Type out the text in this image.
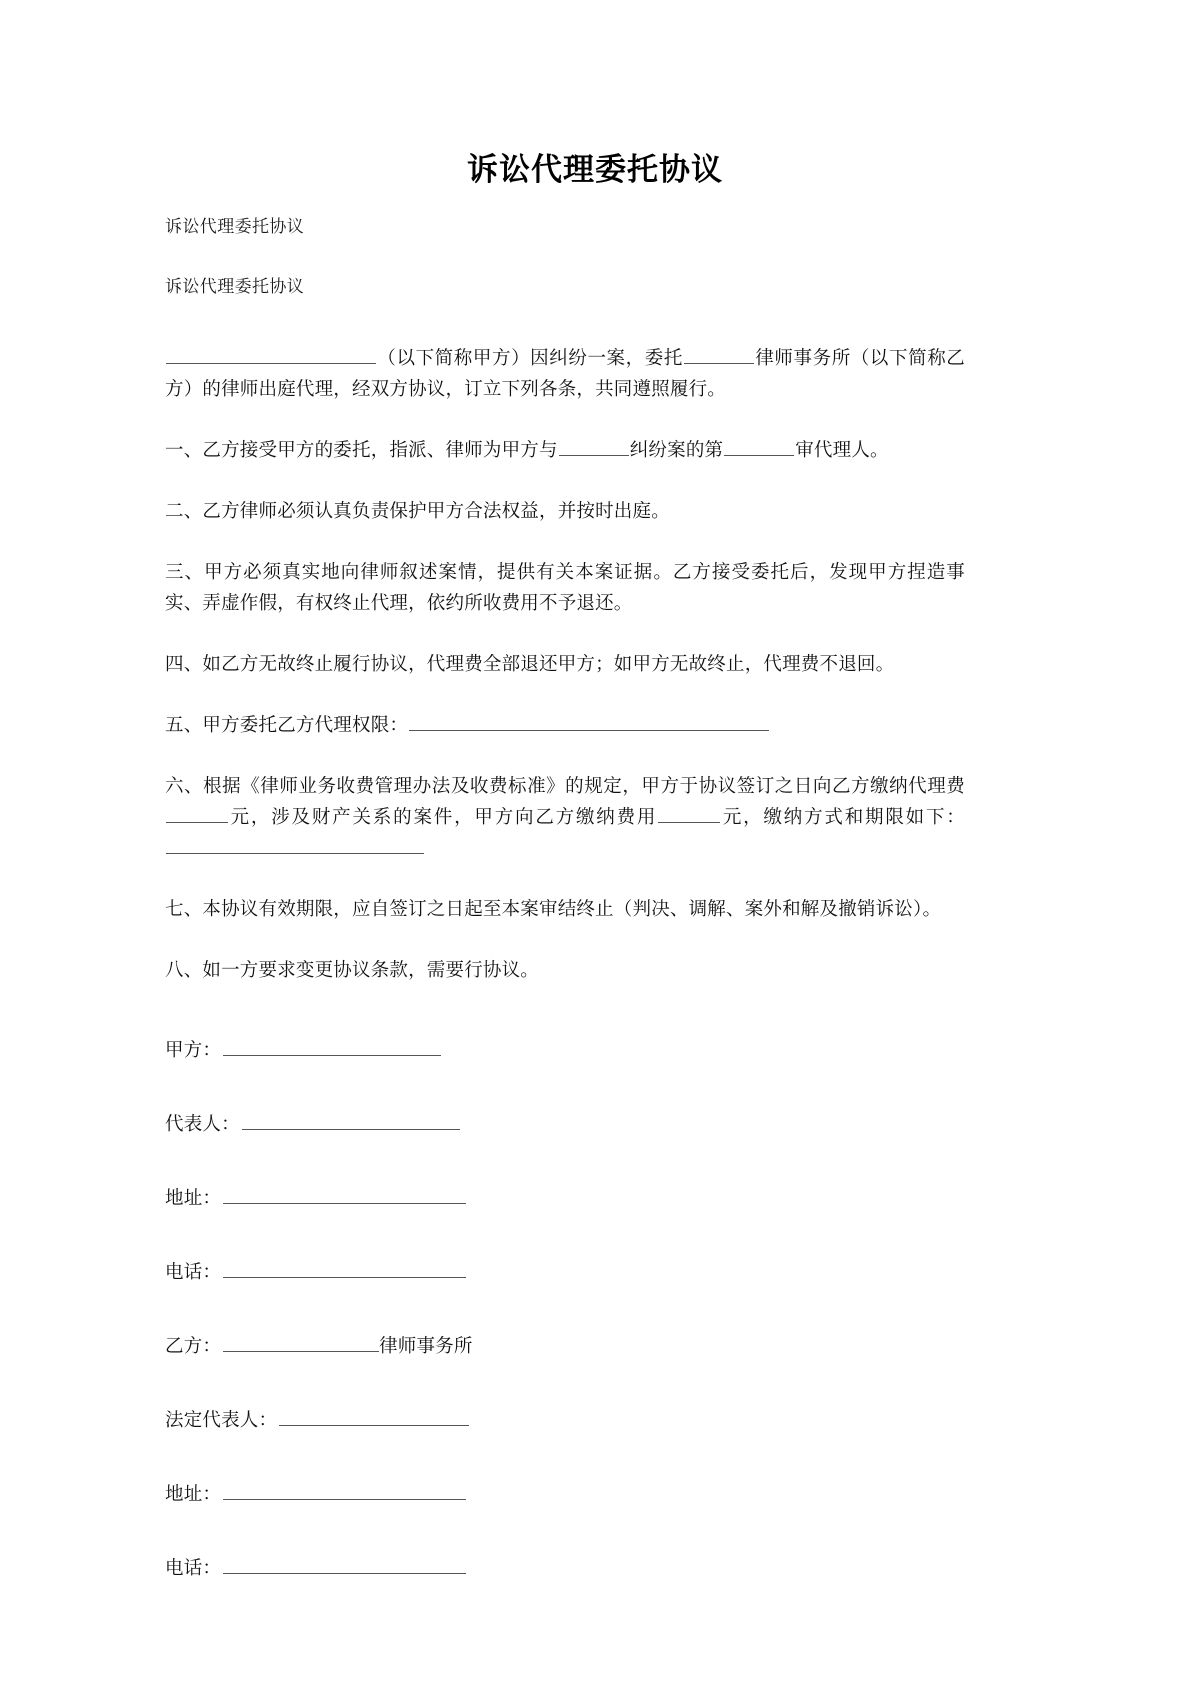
诉讼代理委托协议
诉讼代理委托协议
诉讼代理委托协议

（以下简称甲方）因纠纷一案，委托	律师事务所（以下简称乙方）的律师出庭代理，经双方协议，订立下列各条，共同遵照履行。

一、乙方接受甲方的委托，指派、律师为甲方与	纠纷案的第	审代理人。

二、乙方律师必须认真负责保护甲方合法权益，并按时出庭。

三、甲方必须真实地向律师叙述案情，提供有关本案证据。乙方接受委托后，发现甲方捏造事实、弄虚作假，有权终止代理，依约所收费用不予退还。

四、如乙方无故终止履行协议，代理费全部退还甲方；如甲方无故终止，代理费不退回。

五、甲方委托乙方代理权限：

六、根据《律师业务收费管理办法及收费标准》的规定，甲方于协议签订之日向乙方缴纳代理费元，涉及财产关系的案件，甲方向乙方缴纳费用	元，缴纳方式和期限如下：

七、本协议有效期限，应自签订之日起至本案审结终止（判决、调解、案外和解及撤销诉讼）。

八、如一方要求变更协议条款，需要行协议。

甲方：
代表人：
地址：
电话：
乙方：	律师事务所
法定代表人：
地址：
电话：
